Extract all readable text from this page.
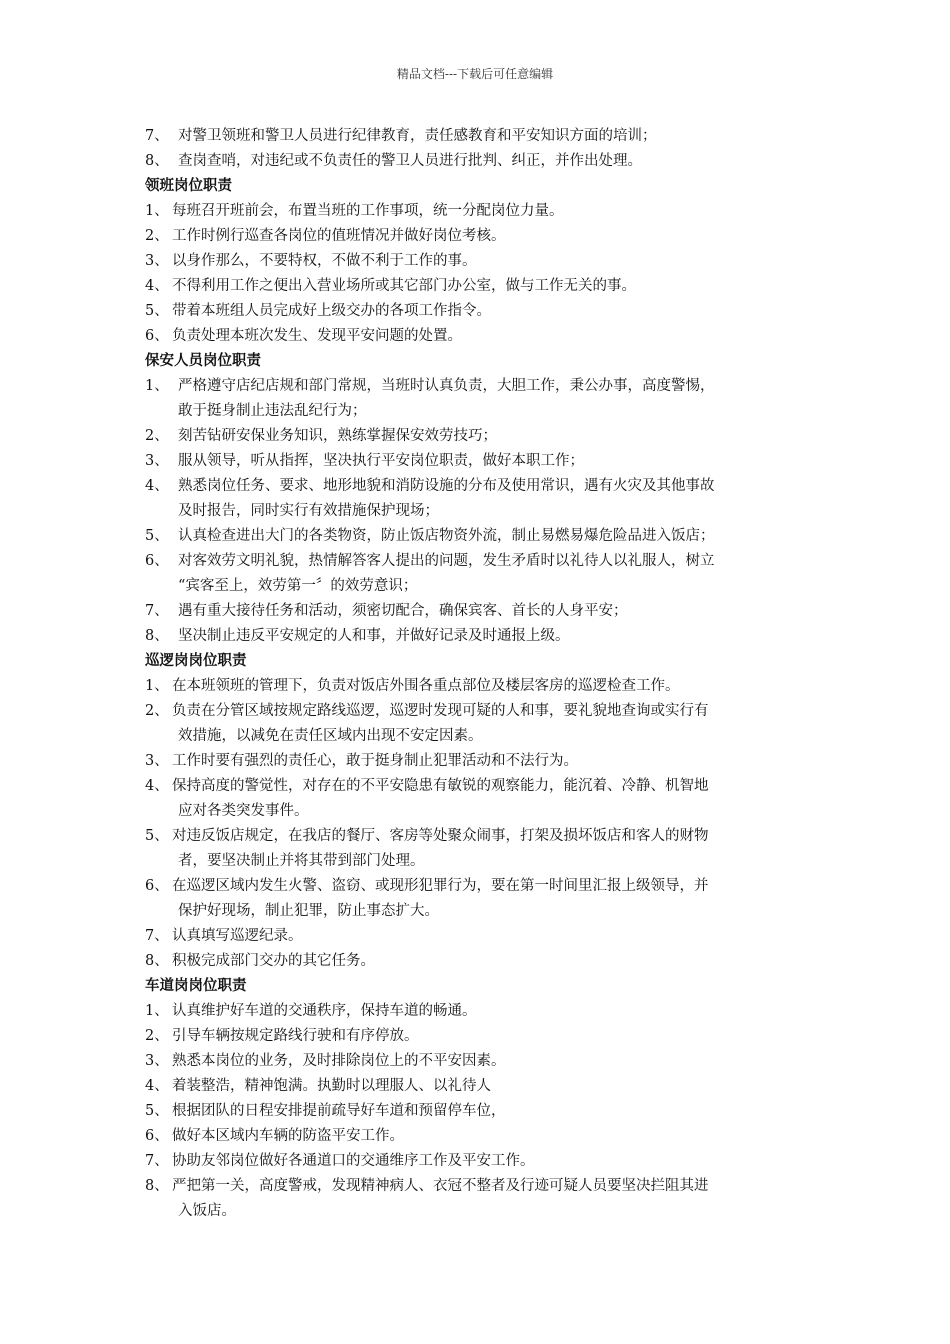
精品文档---下载后可任意编辑
7、 对警卫领班和警卫人员进行纪律教育，责任感教育和平安知识方面的培训；
8、 查岗查哨，对违纪或不负责任的警卫人员进行批判、纠正，并作出处理。
领班岗位职责
1、 每班召开班前会，布置当班的工作事项，统一分配岗位力量。
2、 工作时例行巡查各岗位的值班情况并做好岗位考核。
3、 以身作那么，不要特权，不做不利于工作的事。
4、 不得利用工作之便出入营业场所或其它部门办公室，做与工作无关的事。
5、 带着本班组人员完成好上级交办的各项工作指令。
6、 负责处理本班次发生、发现平安问题的处置。
保安人员岗位职责
1、 严格遵守店纪店规和部门常规，当班时认真负责，大胆工作，秉公办事，高度警惕，
敢于挺身制止违法乱纪行为；
2、 刻苦钻研安保业务知识，熟练掌握保安效劳技巧；
3、 服从领导，听从指挥，坚决执行平安岗位职责，做好本职工作；
4、 熟悉岗位任务、要求、地形地貌和消防设施的分布及使用常识，遇有火灾及其他事故
及时报告，同时实行有效措施保护现场；
5、 认真检查进出大门的各类物资，防止饭店物资外流，制止易燃易爆危险品进入饭店；
6、 对客效劳文明礼貌，热情解答客人提出的问题，发生矛盾时以礼待人以礼服人，树立
“宾客至上，效劳第一〞的效劳意识；
7、 遇有重大接待任务和活动，须密切配合，确保宾客、首长的人身平安；
8、 坚决制止违反平安规定的人和事，并做好记录及时通报上级。
巡逻岗岗位职责
1、 在本班领班的管理下，负责对饭店外围各重点部位及楼层客房的巡逻检查工作。
2、 负责在分管区域按规定路线巡逻，巡逻时发现可疑的人和事，要礼貌地查询或实行有
效措施，以减免在责任区域内出现不安定因素。
3、 工作时要有强烈的责任心，敢于挺身制止犯罪活动和不法行为。
4、 保持高度的警觉性，对存在的不平安隐患有敏锐的观察能力，能沉着、冷静、机智地
应对各类突发事件。
5、 对违反饭店规定，在我店的餐厅、客房等处聚众闹事，打架及损坏饭店和客人的财物
者，要坚决制止并将其带到部门处理。
6、 在巡逻区域内发生火警、盗窃、或现形犯罪行为，要在第一时间里汇报上级领导，并
保护好现场，制止犯罪，防止事态扩大。
7、 认真填写巡逻纪录。
8、 积极完成部门交办的其它任务。
车道岗岗位职责
1、 认真维护好车道的交通秩序，保持车道的畅通。
2、 引导车辆按规定路线行驶和有序停放。
3、 熟悉本岗位的业务，及时排除岗位上的不平安因素。
4、 着装整浩，精神饱满。执勤时以理服人、以礼待人
5、 根据团队的日程安排提前疏导好车道和预留停车位，
6、 做好本区域内车辆的防盗平安工作。
7、 协助友邻岗位做好各通道口的交通维序工作及平安工作。
8、 严把第一关，高度警戒，发现精神病人、衣冠不整者及行迹可疑人员要坚决拦阻其进
入饭店。
